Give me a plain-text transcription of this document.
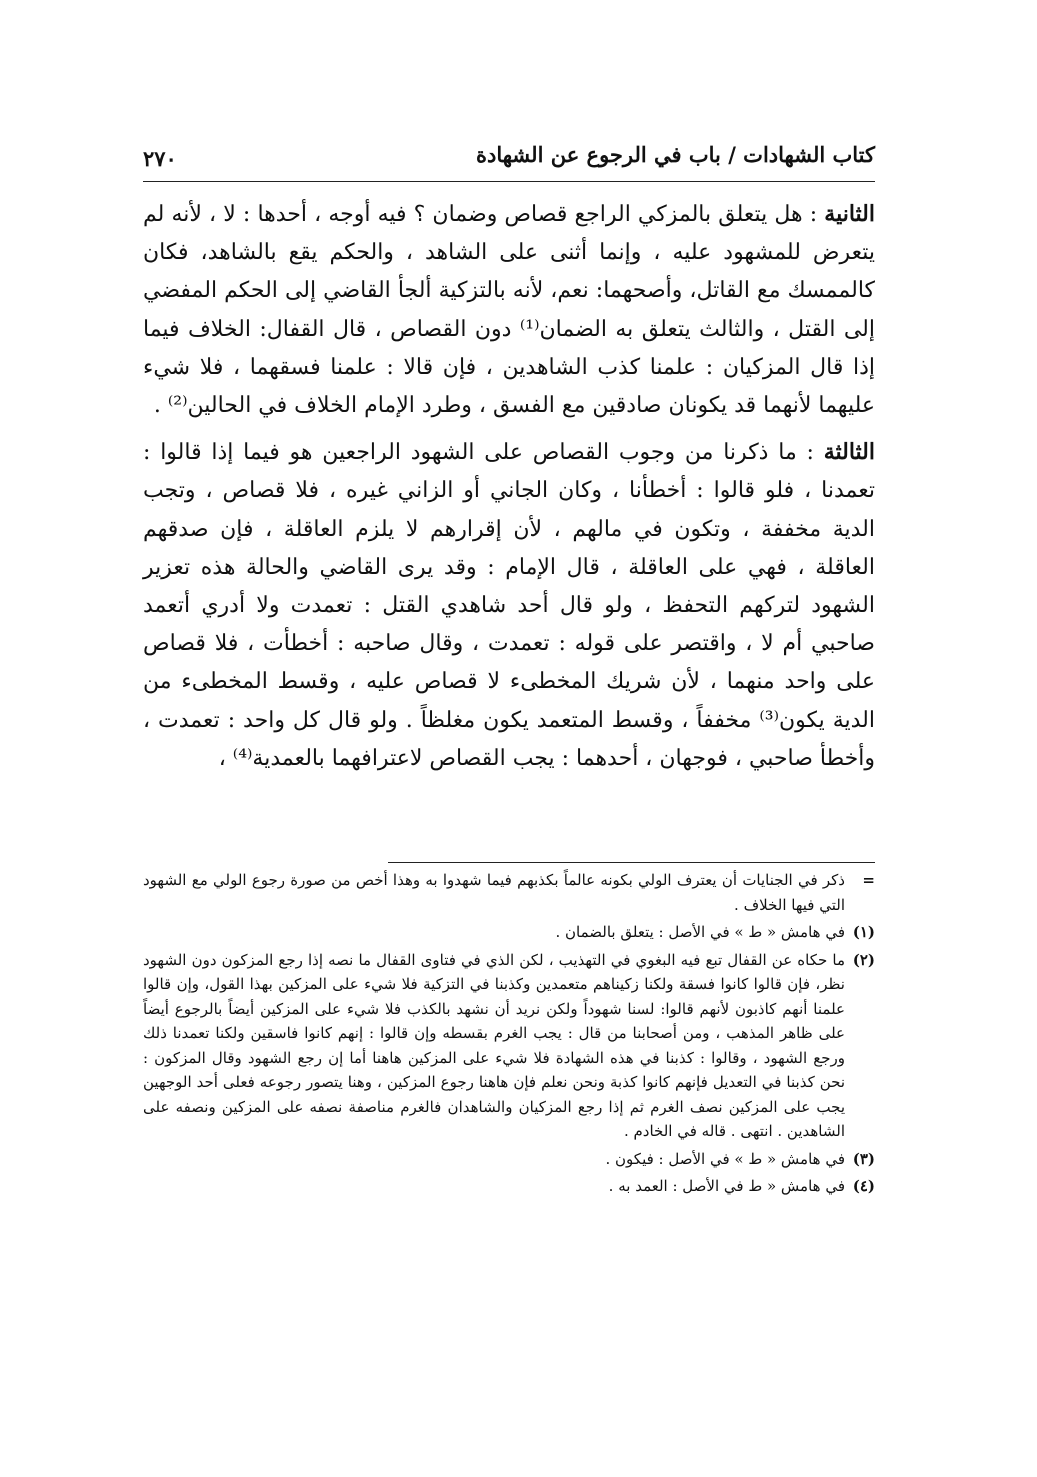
كتاب الشهادات / باب في الرجوع عن الشهادة
٢٧٠

الثانية : هل يتعلق بالمزكي الراجع قصاص وضمان ؟ فيه أوجه ، أحدها : لا ، لأنه لم يتعرض للمشهود عليه ، وإنما أثنى على الشاهد ، والحكم يقع بالشاهد، فكان كالممسك مع القاتل، وأصحهما: نعم، لأنه بالتزكية ألجأ القاضي إلى الحكم المفضي إلى القتل ، والثالث يتعلق به الضمان⁽¹⁾ دون القصاص ، قال القفال: الخلاف فيما إذا قال المزكيان : علمنا كذب الشاهدين ، فإن قالا : علمنا فسقهما ، فلا شيء عليهما لأنهما قد يكونان صادقين مع الفسق ، وطرد الإمام الخلاف في الحالين⁽²⁾ .

الثالثة : ما ذكرنا من وجوب القصاص على الشهود الراجعين هو فيما إذا قالوا : تعمدنا ، فلو قالوا : أخطأنا ، وكان الجاني أو الزاني غيره ، فلا قصاص ، وتجب الدية مخففة ، وتكون في مالهم ، لأن إقرارهم لا يلزم العاقلة ، فإن صدقهم العاقلة ، فهي على العاقلة ، قال الإمام : وقد يرى القاضي والحالة هذه تعزير الشهود لتركهم التحفظ ، ولو قال أحد شاهدي القتل : تعمدت ولا أدري أتعمد صاحبي أم لا ، واقتصر على قوله : تعمدت ، وقال صاحبه : أخطأت ، فلا قصاص على واحد منهما ، لأن شريك المخطىء لا قصاص عليه ، وقسط المخطىء من الدية يكون⁽³⁾ مخففاً ، وقسط المتعمد يكون مغلظاً . ولو قال كل واحد : تعمدت ، وأخطأ صاحبي ، فوجهان ، أحدهما : يجب القصاص لاعترافهما بالعمدية⁽⁴⁾ ،

=
ذكر في الجنايات أن يعترف الولي بكونه عالماً بكذبهم فيما شهدوا به وهذا أخص من صورة رجوع الولي مع الشهود التي فيها الخلاف .
(١)
في هامش « ط » في الأصل : يتعلق بالضمان .
(٢)
ما حكاه عن القفال تبع فيه البغوي في التهذيب ، لكن الذي في فتاوى القفال ما نصه إذا رجع المزكون دون الشهود نظر، فإن قالوا كانوا فسقة ولكنا زكيناهم متعمدين وكذبنا في التزكية فلا شيء على المزكين بهذا القول، وإن قالوا علمنا أنهم كاذبون لأنهم قالوا: لسنا شهوداً ولكن نريد أن نشهد بالكذب فلا شيء على المزكين أيضاً بالرجوع أيضاً على ظاهر المذهب ، ومن أصحابنا من قال : يجب الغرم بقسطه وإن قالوا : إنهم كانوا فاسقين ولكنا تعمدنا ذلك ورجع الشهود ، وقالوا : كذبنا في هذه الشهادة فلا شيء على المزكين هاهنا أما إن رجع الشهود وقال المزكون : نحن كذبنا في التعديل فإنهم كانوا كذبة ونحن نعلم فإن هاهنا رجوع المزكين ، وهنا يتصور رجوعه فعلى أحد الوجهين يجب على المزكين نصف الغرم ثم إذا رجع المزكيان والشاهدان فالغرم مناصفة نصفه على المزكين ونصفه على الشاهدين . انتهى . قاله في الخادم .
(٣)
في هامش « ط » في الأصل : فيكون .
(٤)
في هامش « ط في الأصل : العمد به .
